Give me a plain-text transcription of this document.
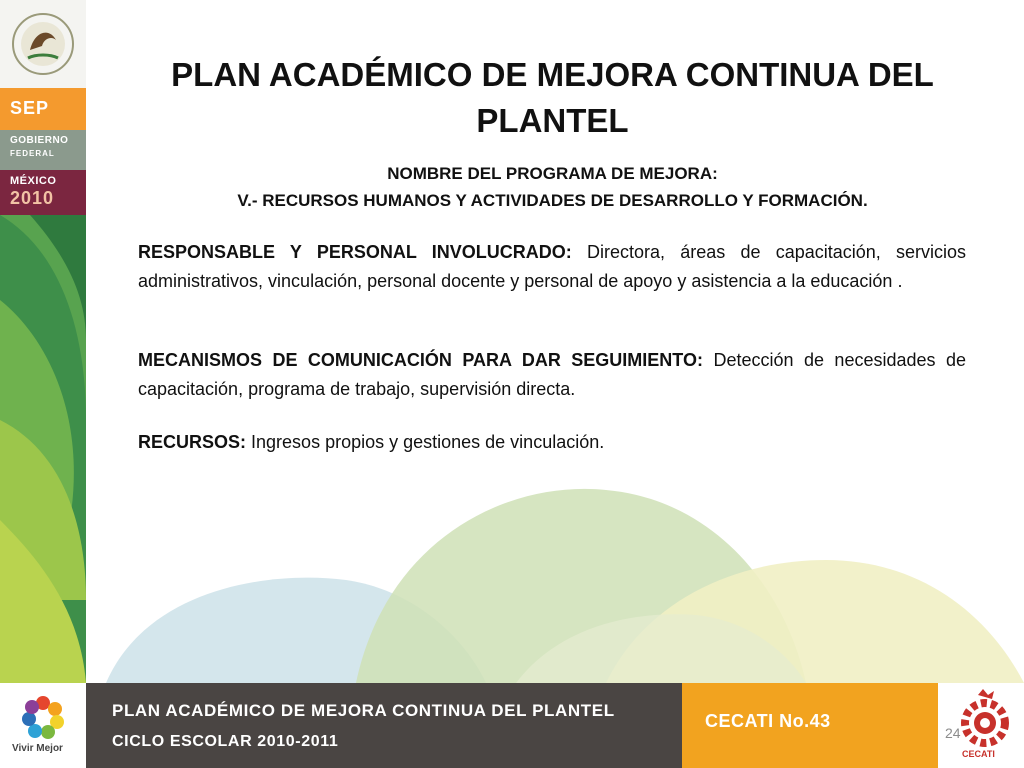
SEP
GOBIERNO
FEDERAL
MÉXICO
2010
PLAN ACADÉMICO DE MEJORA CONTINUA DEL PLANTEL
NOMBRE DEL PROGRAMA DE MEJORA:
V.- RECURSOS HUMANOS Y ACTIVIDADES DE DESARROLLO Y FORMACIÓN.
RESPONSABLE Y PERSONAL INVOLUCRADO: Directora, áreas de capacitación, servicios administrativos, vinculación, personal docente y personal de apoyo y asistencia a la educación .
MECANISMOS DE COMUNICACIÓN PARA DAR SEGUIMIENTO: Detección de necesidades de capacitación, programa de trabajo, supervisión directa.
RECURSOS: Ingresos propios y gestiones de vinculación.
Vivir Mejor
PLAN ACADÉMICO DE MEJORA CONTINUA DEL PLANTEL
CICLO ESCOLAR 2010-2011
CECATI No.43
CECATI
24
